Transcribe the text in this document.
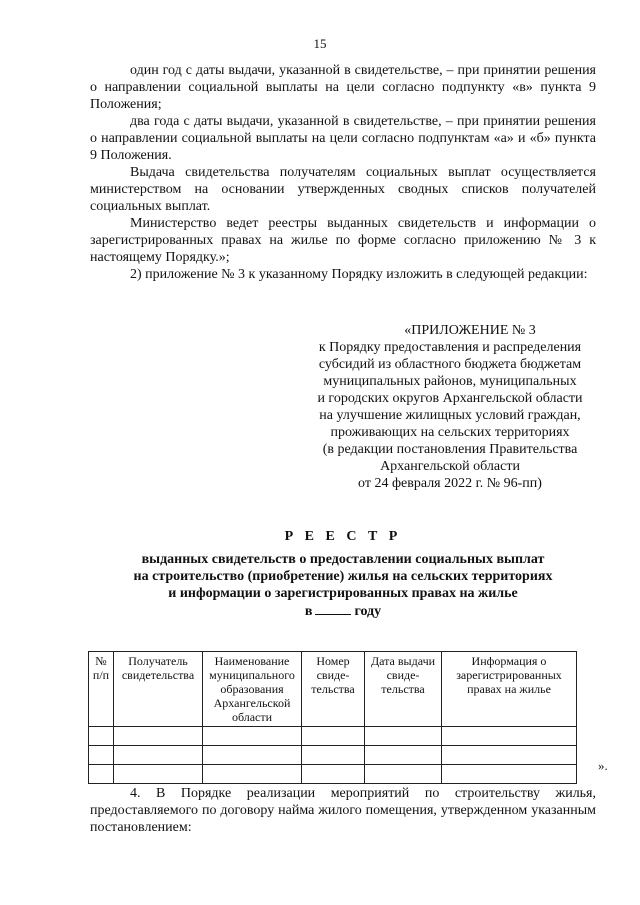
15

один год с даты выдачи, указанной в свидетельстве, – при принятии решения о направлении социальной выплаты на цели согласно подпункту «в» пункта 9 Положения;

два года с даты выдачи, указанной в свидетельстве, – при принятии решения о направлении социальной выплаты на цели согласно подпунктам «а» и «б» пункта 9 Положения.

Выдача свидетельства получателям социальных выплат осуществляется министерством на основании утвержденных сводных списков получателей социальных выплат.

Министерство ведет реестры выданных свидетельств и информации о зарегистрированных правах на жилье по форме согласно приложению № 3 к настоящему Порядку.»;

2) приложение № 3 к указанному Порядку изложить в следующей редакции:

«ПРИЛОЖЕНИЕ № 3
к Порядку предоставления и распределения
субсидий из областного бюджета бюджетам
муниципальных районов, муниципальных
и городских округов Архангельской области
на улучшение жилищных условий граждан,
проживающих на сельских территориях
(в редакции постановления Правительства
Архангельской области
от 24 февраля 2022 г. № 96-пп)
Р Е Е С Т Р
выданных свидетельств о предоставлении социальных выплат
на строительство (приобретение) жилья на сельских территориях
и информации о зарегистрированных правах на жилье
в	году
№ п/п	Получатель свидетельства	Наименование муниципального образования Архангельской области	Номер свиде-тельства	Дата выдачи свиде-тельства	Информация о зарегистрированных правах на жилье

».

4. В Порядке реализации мероприятий по строительству жилья, предоставляемого по договору найма жилого помещения, утвержденном указанным постановлением:
